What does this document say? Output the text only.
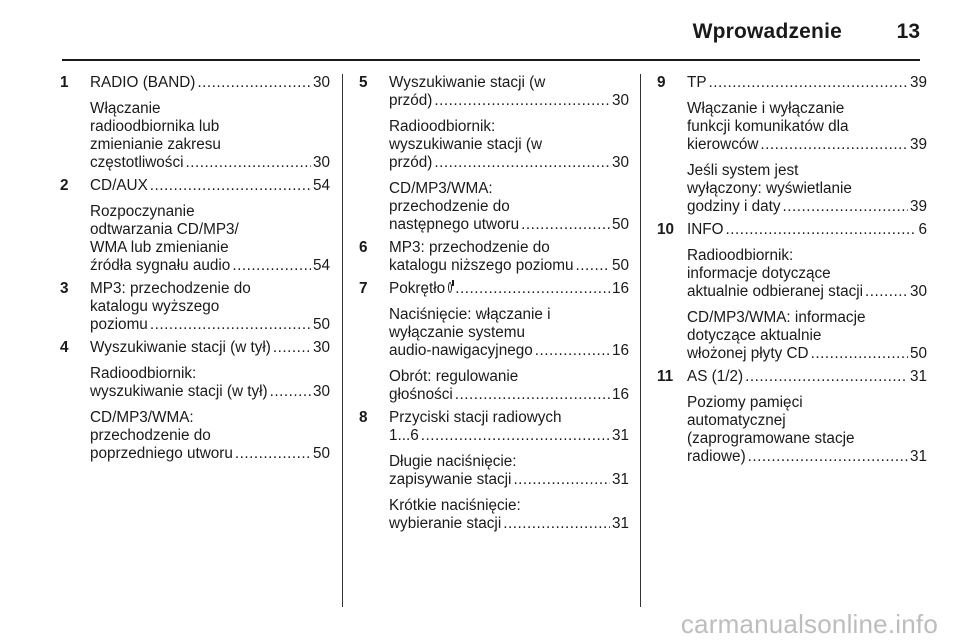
Wprowadzenie	13
1	RADIO (BAND) .....	30
Włączanie
radioodbiornika lub
zmienianie zakresu
częstotliwości .....	30
2	CD/AUX .....	54
Rozpoczynanie
odtwarzania CD/MP3/
WMA lub zmienianie
źródła sygnału audio .....	54
3	MP3: przechodzenie do
katalogu wyższego
poziomu .....	50
4	Wyszukiwanie stacji (w tył) .....	30
Radioodbiornik:
wyszukiwanie stacji (w tył) .....	30
CD/MP3/WMA:
przechodzenie do
poprzedniego utworu .....	50
5	Wyszukiwanie stacji (w
przód) .....	30
Radioodbiornik:
wyszukiwanie stacji (w
przód) .....	30
CD/MP3/WMA:
przechodzenie do
następnego utworu .....	50
6	MP3: przechodzenie do
katalogu niższego poziomu .....	50
7	Pokrętło .....	16
Naciśnięcie: włączanie i
wyłączanie systemu
audio-nawigacyjnego .....	16
Obrót: regulowanie
głośności .....	16
8	Przyciski stacji radiowych
1...6 .....	31
Długie naciśnięcie:
zapisywanie stacji .....	31
Krótkie naciśnięcie:
wybieranie stacji .....	31
9	TP .....	39
Włączanie i wyłączanie
funkcji komunikatów dla
kierowców .....	39
Jeśli system jest
wyłączony: wyświetlanie
godziny i daty .....	39
10 INFO .....	6
Radioodbiornik:
informacje dotyczące
aktualnie odbieranej stacji .....	30
CD/MP3/WMA: informacje
dotyczące aktualnie
włożonej płyty CD .....	50
11 AS (1/2) .....	31
Poziomy pamięci
automatycznej
(zaprogramowane stacje
radiowe) .....	31
carmanualsonline.info
